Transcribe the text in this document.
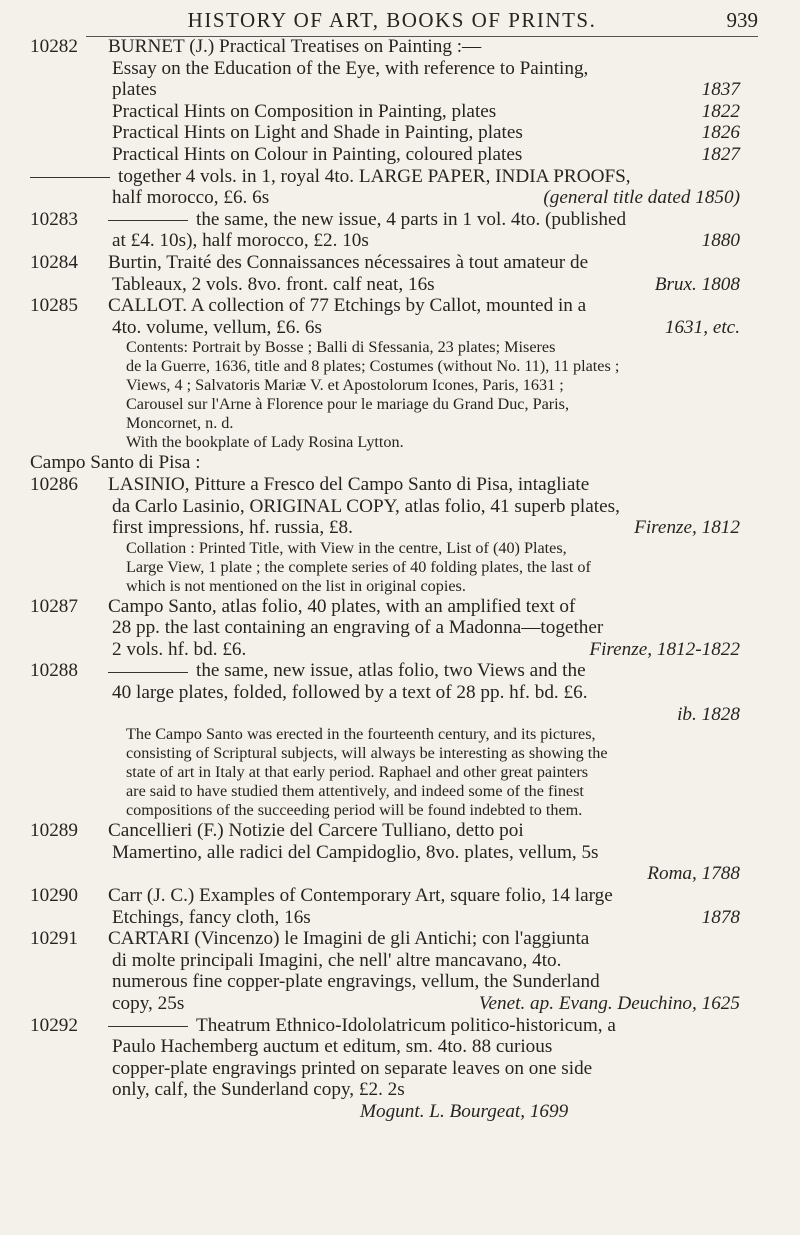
HISTORY OF ART, BOOKS OF PRINTS.	939
10282 BURNET (J.) Practical Treatises on Painting :—
Essay on the Education of the Eye, with reference to Painting,
plates	1837
Practical Hints on Composition in Painting, plates	1822
Practical Hints on Light and Shade in Painting, plates	1826
Practical Hints on Colour in Painting, coloured plates	1827
together 4 vols. in 1, royal 4to. LARGE PAPER, INDIA PROOFS,
half morocco, £6. 6s	(general title dated 1850)
10283	the same, the new issue, 4 parts in 1 vol. 4to. (published
at £4. 10s), half morocco, £2. 10s	1880
10284 Burtin, Traité des Connaissances nécessaires à tout amateur de
Tableaux, 2 vols. 8vo. front. calf neat, 16s	Brux. 1808
10285 CALLOT. A collection of 77 Etchings by Callot, mounted in a
4to. volume, vellum, £6. 6s	1631, etc.
Contents: Portrait by Bosse ; Balli di Sfessania, 23 plates; Miseres
de la Guerre, 1636, title and 8 plates; Costumes (without No. 11), 11 plates ;
Views, 4 ; Salvatoris Mariæ V. et Apostolorum Icones, Paris, 1631 ;
Carousel sur l'Arne à Florence pour le mariage du Grand Duc, Paris,
Moncornet, n. d.
With the bookplate of Lady Rosina Lytton.
Campo Santo di Pisa :
10286 LASINIO, Pitture a Fresco del Campo Santo di Pisa, intagliate
da Carlo Lasinio, ORIGINAL COPY, atlas folio, 41 superb plates,
first impressions, hf. russia, £8.	Firenze, 1812
Collation : Printed Title, with View in the centre, List of (40) Plates,
Large View, 1 plate ; the complete series of 40 folding plates, the last of
which is not mentioned on the list in original copies.
10287 Campo Santo, atlas folio, 40 plates, with an amplified text of
28 pp. the last containing an engraving of a Madonna—together
2 vols. hf. bd. £6.	Firenze, 1812-1822
10288	the same, new issue, atlas folio, two Views and the
40 large plates, folded, followed by a text of 28 pp. hf. bd. £6.
ib. 1828
The Campo Santo was erected in the fourteenth century, and its pictures,
consisting of Scriptural subjects, will always be interesting as showing the
state of art in Italy at that early period. Raphael and other great painters
are said to have studied them attentively, and indeed some of the finest
compositions of the succeeding period will be found indebted to them.
10289 Cancellieri (F.) Notizie del Carcere Tulliano, detto poi
Mamertino, alle radici del Campidoglio, 8vo. plates, vellum, 5s
Roma, 1788
10290 Carr (J. C.) Examples of Contemporary Art, square folio, 14 large
Etchings, fancy cloth, 16s	1878
10291 CARTARI (Vincenzo) le Imagini de gli Antichi; con l'aggiunta
di molte principali Imagini, che nell' altre mancavano, 4to.
numerous fine copper-plate engravings, vellum, the Sunderland
copy, 25s	Venet. ap. Evang. Deuchino, 1625
10292	Theatrum Ethnico-Idololatricum politico-historicum, a
Paulo Hachemberg auctum et editum, sm. 4to. 88 curious
copper-plate engravings printed on separate leaves on one side
only, calf, the Sunderland copy, £2. 2s
Mogunt. L. Bourgeat, 1699
